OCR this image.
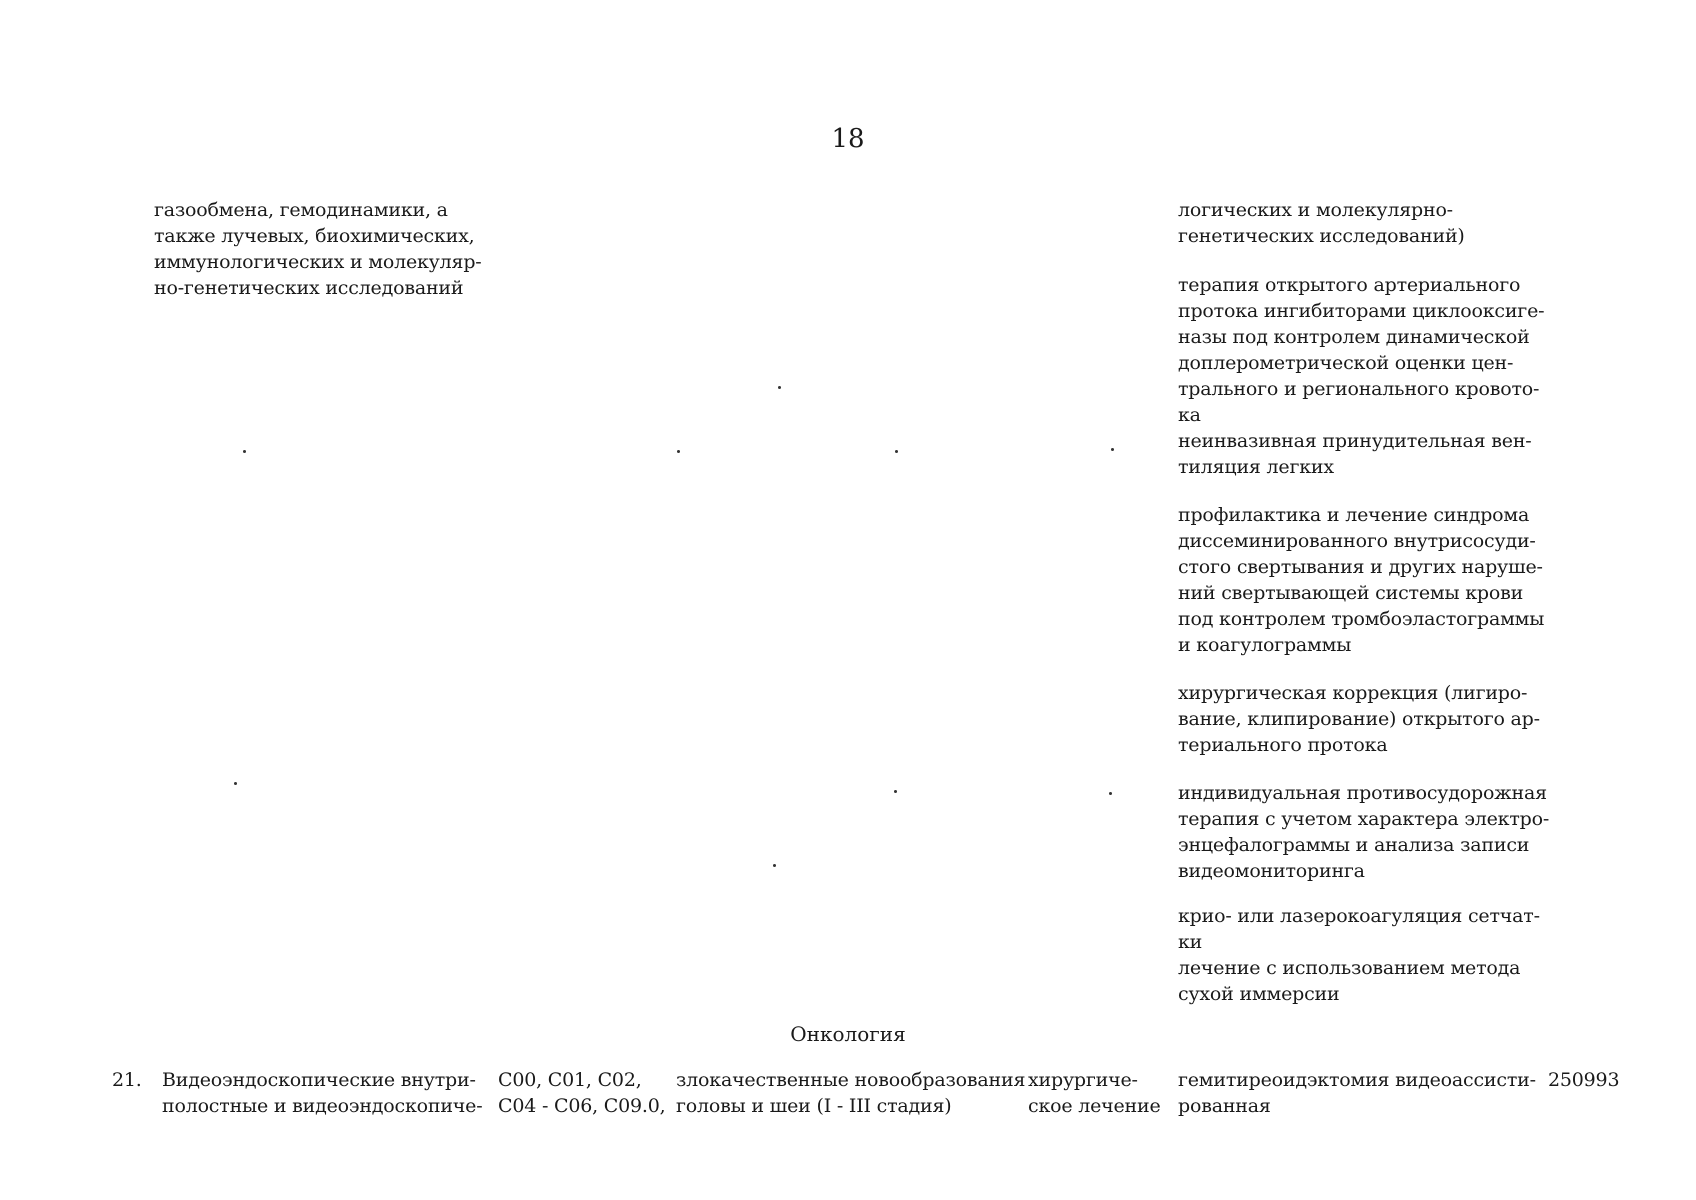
18
газообмена, гемодинамики, а
также лучевых, биохимических,
иммунологических и молекуляр-
но-генетических исследований
логических и молекулярно-
генетических исследований)
терапия открытого артериального
протока ингибиторами циклооксиге-
назы под контролем динамической
доплерометрической оценки цен-
трального и регионального кровото-
ка
неинвазивная принудительная вен-
тиляция легких
профилактика и лечение синдрома
диссеминированного внутрисосуди-
стого свертывания и других наруше-
ний свертывающей системы крови
под контролем тромбоэластограммы
и коагулограммы
хирургическая коррекция (лигиро-
вание, клипирование) открытого ар-
териального протока
индивидуальная противосудорожная
терапия с учетом характера электро-
энцефалограммы и анализа записи
видеомониторинга
крио- или лазерокоагуляция сетчат-
ки
лечение с использованием метода
сухой иммерсии
Онкология
21. Видеоэндоскопические внутри-
полостные и видеоэндоскопиче-
C00, C01, C02,
C04 - C06, C09.0,
злокачественные новообразования
головы и шеи (I - III стадия)
хирургиче-
ское лечение
гемитиреоидэктомия видеоассисти-
рованная
250993
